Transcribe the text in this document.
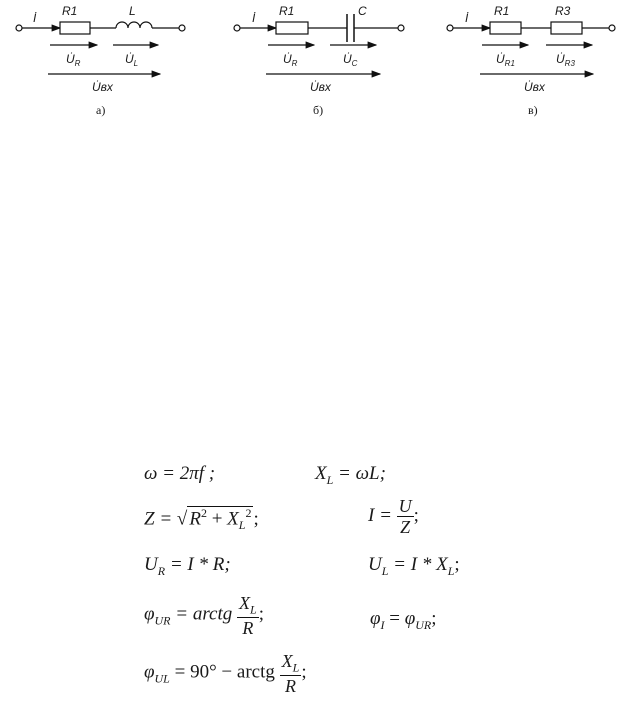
İ R1	L
$U̇_R$	$U̇_L$
U̇вх
а)
İ R1	C
$U̇_R$	$U̇_C$
U̇вх
б)
İ R1	R3
$U̇_{R1}$	$U̇_{R3}$
U̇вх
в)
ω = 2πf ;	$X_L = \omega L$;
Z = √ $R^2 + X_L^2$ ;	$I = \frac{U}{Z}$ ;
$U_R = I * R$;	$U_L = I * X_L$;
$\varphi_{UR}$ = arctg $\frac{X_L}{R}$ ;	$\varphi_I = \varphi_{UR}$;
$\varphi_{UL} = 90^\circ$ − arctg $\frac{X_L}{R}$ ;
